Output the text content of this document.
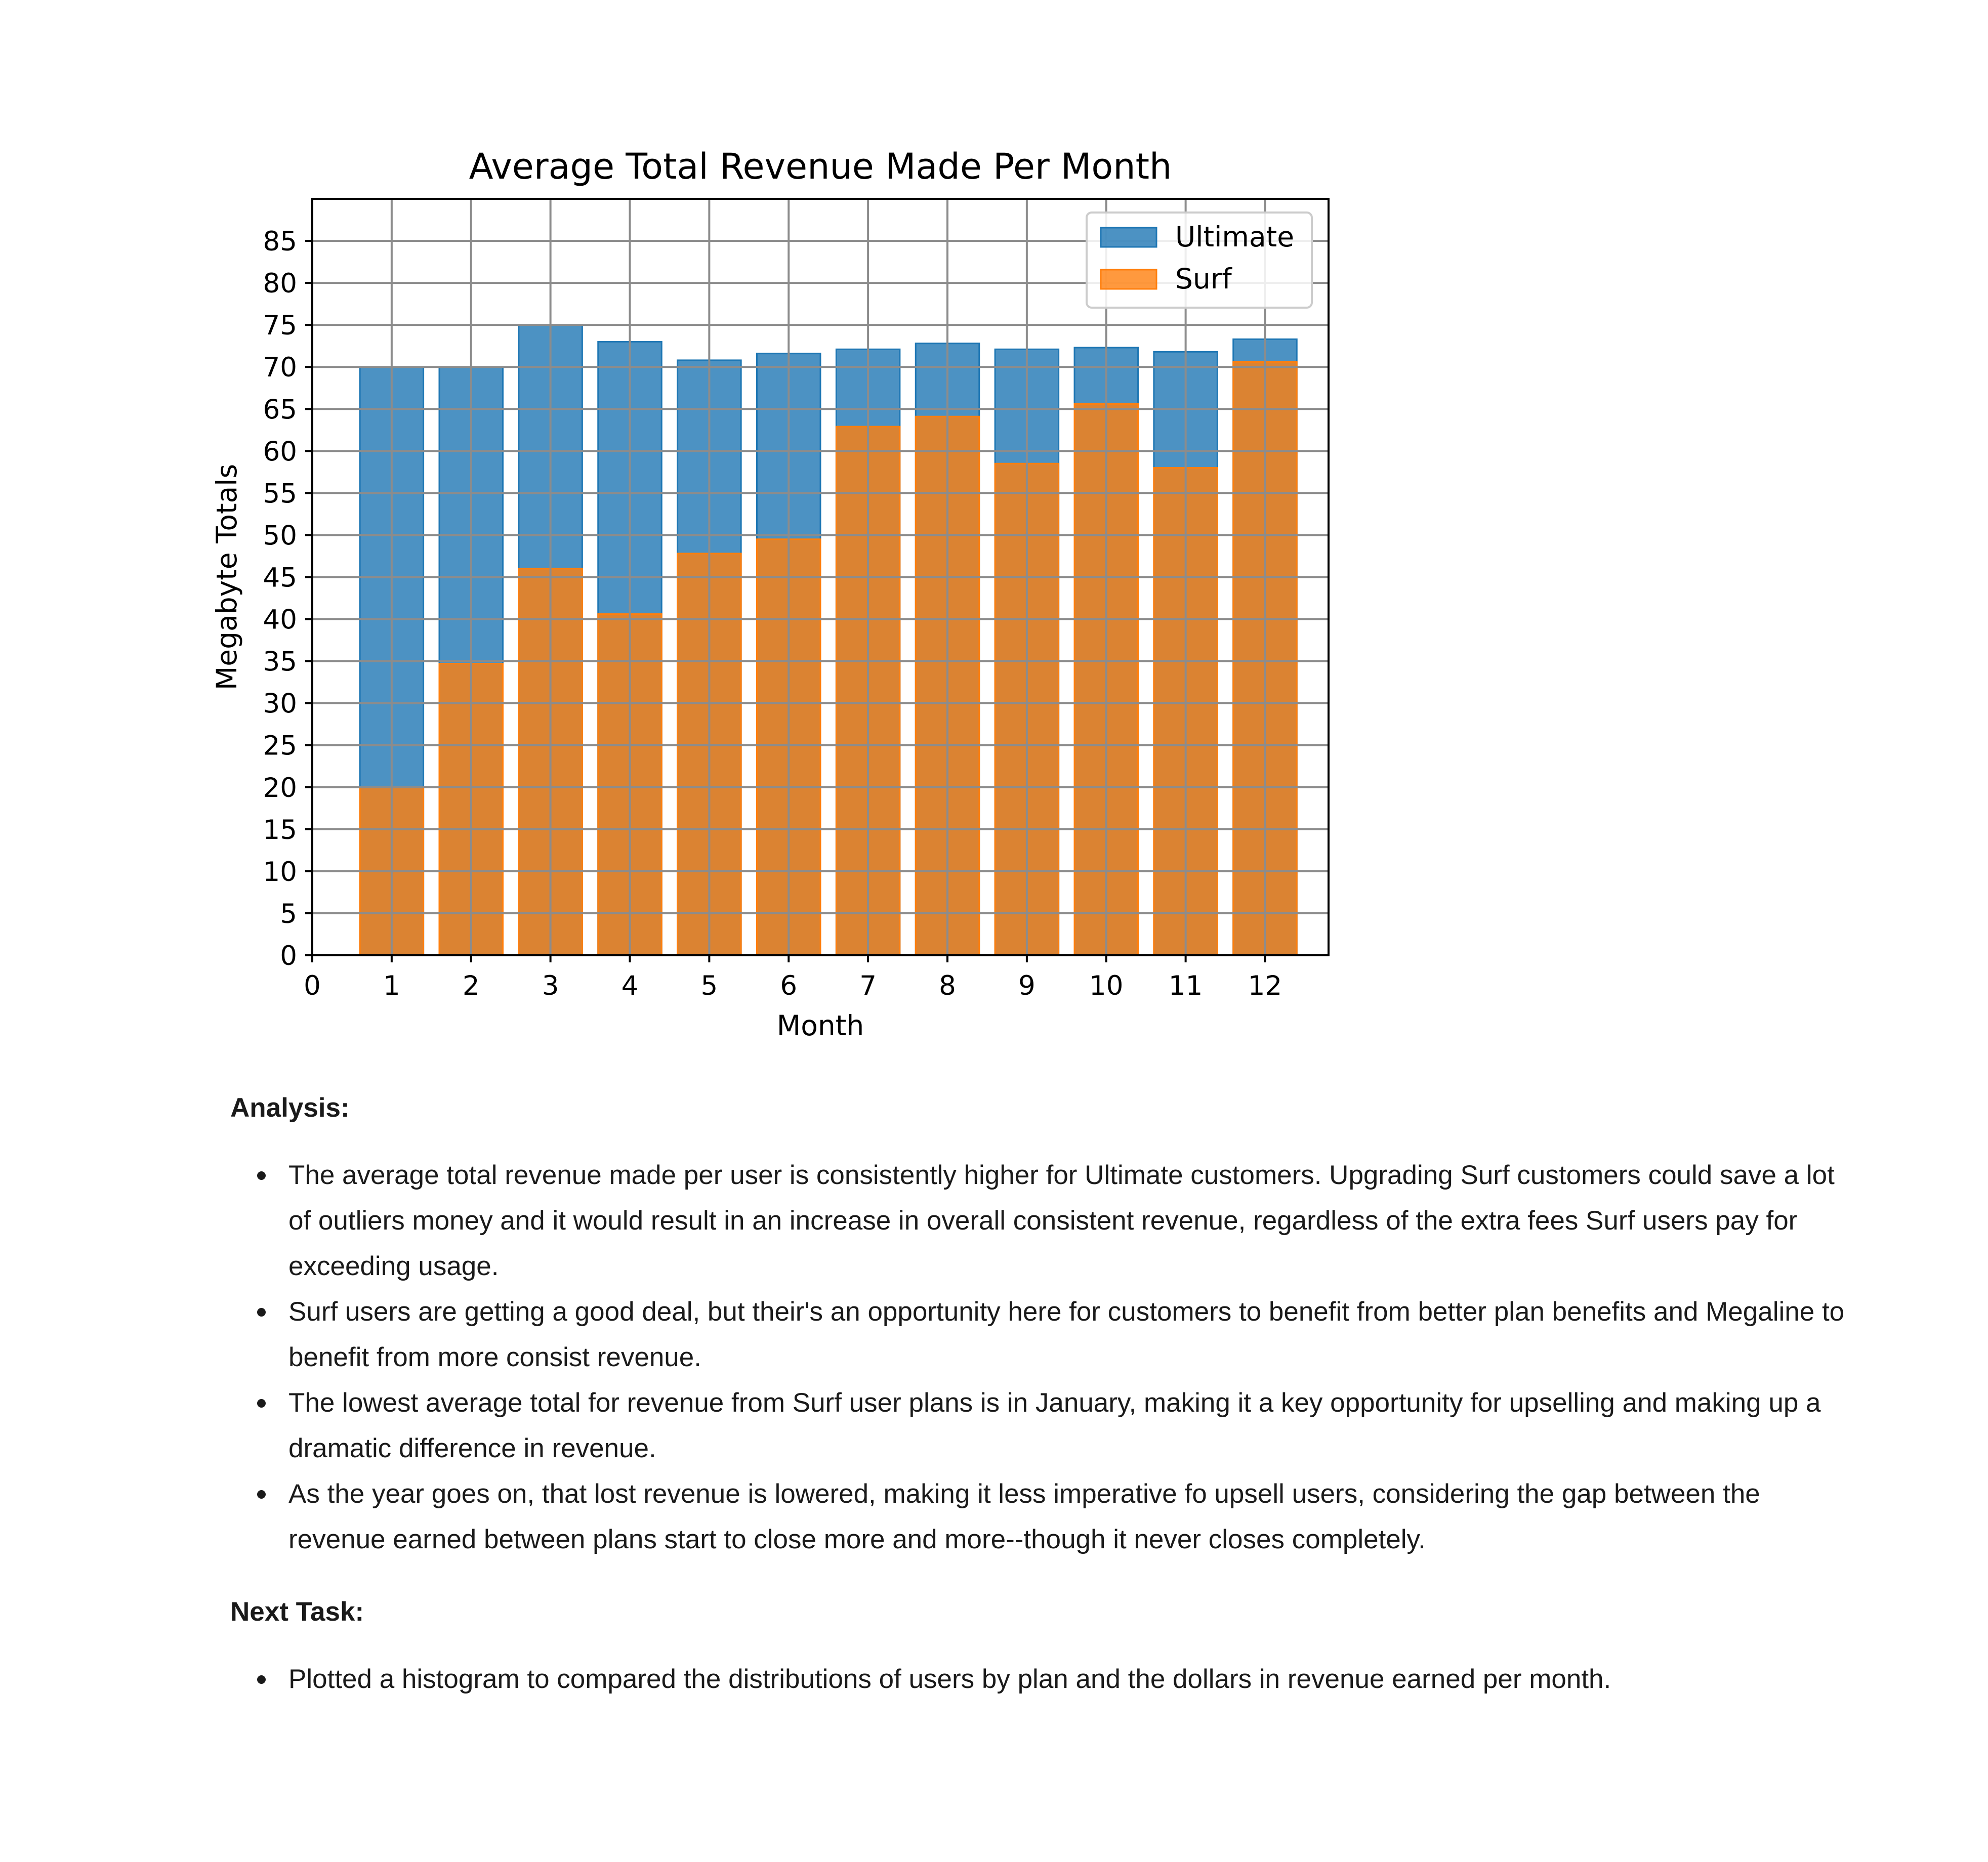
0 1 2 3 4 5 6 7 8 9 10 11 12
0
5
10
15
20
25
30
35
40
45
50
55
60
65
70
75
80
85
Average Total Revenue Made Per Month
Month
Megabyte Totals
Ultimate
Surf

Analysis:

The average total revenue made per user is consistently higher for Ultimate customers. Upgrading Surf customers could save a lot of outliers money and it would result in an increase in overall consistent revenue, regardless of the extra fees Surf users pay for exceeding usage.
Surf users are getting a good deal, but their's an opportunity here for customers to benefit from better plan benefits and Megaline to benefit from more consist revenue.
The lowest average total for revenue from Surf user plans is in January, making it a key opportunity for upselling and making up a dramatic difference in revenue.
As the year goes on, that lost revenue is lowered, making it less imperative fo upsell users, considering the gap between the revenue earned between plans start to close more and more--though it never closes completely.

Next Task:

Plotted a histogram to compared the distributions of users by plan and the dollars in revenue earned per month.
